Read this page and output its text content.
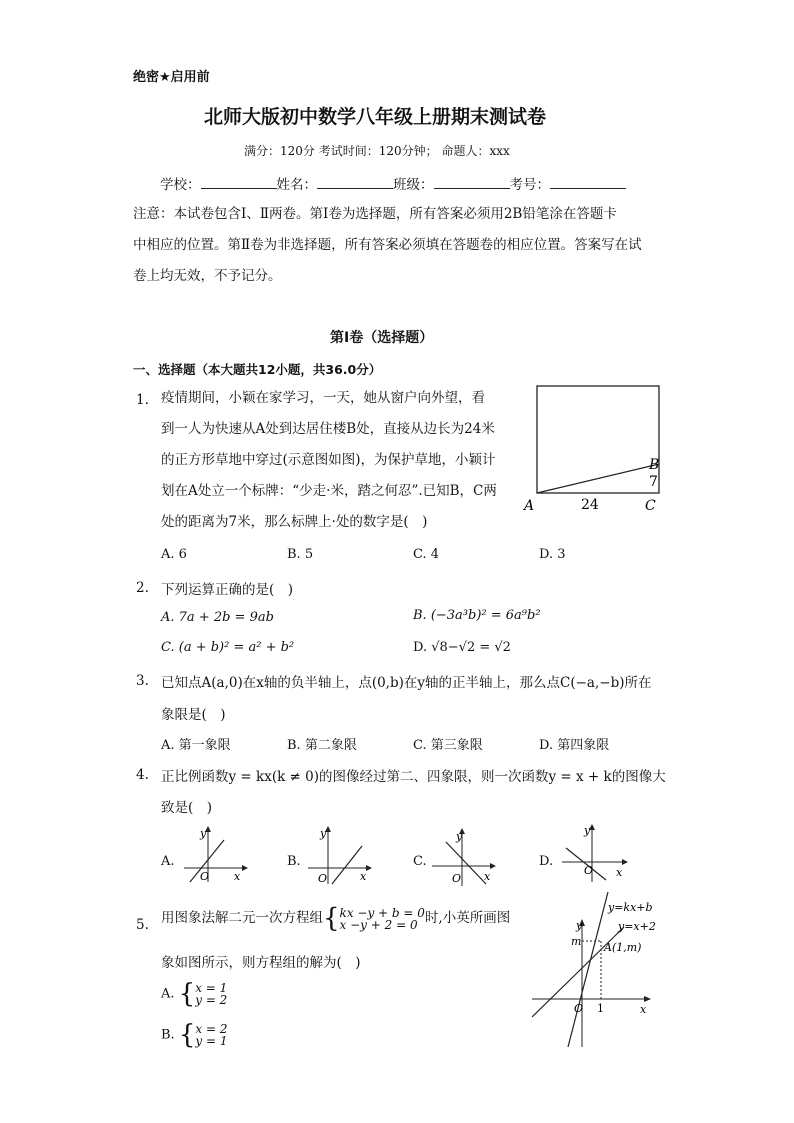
绝密★启用前
北师大版初中数学八年级上册期末测试卷
满分：120分 考试时间：120分钟； 命题人：xxx
学校：	姓名：	班级：	考号：
注意：本试卷包含Ⅰ、Ⅱ两卷。第Ⅰ卷为选择题，所有答案必须用2B铅笔涂在答题卡
中相应的位置。第Ⅱ卷为非选择题，所有答案必须填在答题卷的相应位置。答案写在试
卷上均无效，不予记分。
第Ⅰ卷（选择题）
一、选择题（本大题共12小题，共36.0分）
1. 疫情期间，小颖在家学习，一天，她从窗户向外望，看
到一人为快速从A处到达居住楼B处，直接从边长为24米
的正方形草地中穿过(示意图如图)，为保护草地，小颖计
划在A处立一个标牌：“少走·米，踏之何忍”.已知B，C两
处的距离为7米，那么标牌上·处的数字是(　)
A
B
C
24
7
A. 6	B. 5	C. 4	D. 3
2. 下列运算正确的是(　)
A. 7a + 2b = 9ab	B. (−3a³b)² = 6a⁹b²
C. (a + b)² = a² + b²	D. √8−√2 = √2
3. 已知点A(a,0)在x轴的负半轴上，点(0,b)在y轴的正半轴上，那么点C(−a,−b)所在
象限是(　)
A. 第一象限	B. 第二象限	C. 第三象限	D. 第四象限
4. 正比例函数y = kx(k ≠ 0)的图像经过第二、四象限，则一次函数y = x + k的图像大
致是(　)
A.
y
x
O
B.
y
x
O
C.
y
x
O
D.
y
x
O
5. 用图象法解二元一次方程组{ kx −y + b = 0
x −y + 2 = 0 时,小英所画图
象如图所示，则方程组的解为(　)
A. { x = 1
y = 2
B. { x = 2
y = 1
y=kx+b
y=x+2
A(1,m)
m
1	x
y
O
